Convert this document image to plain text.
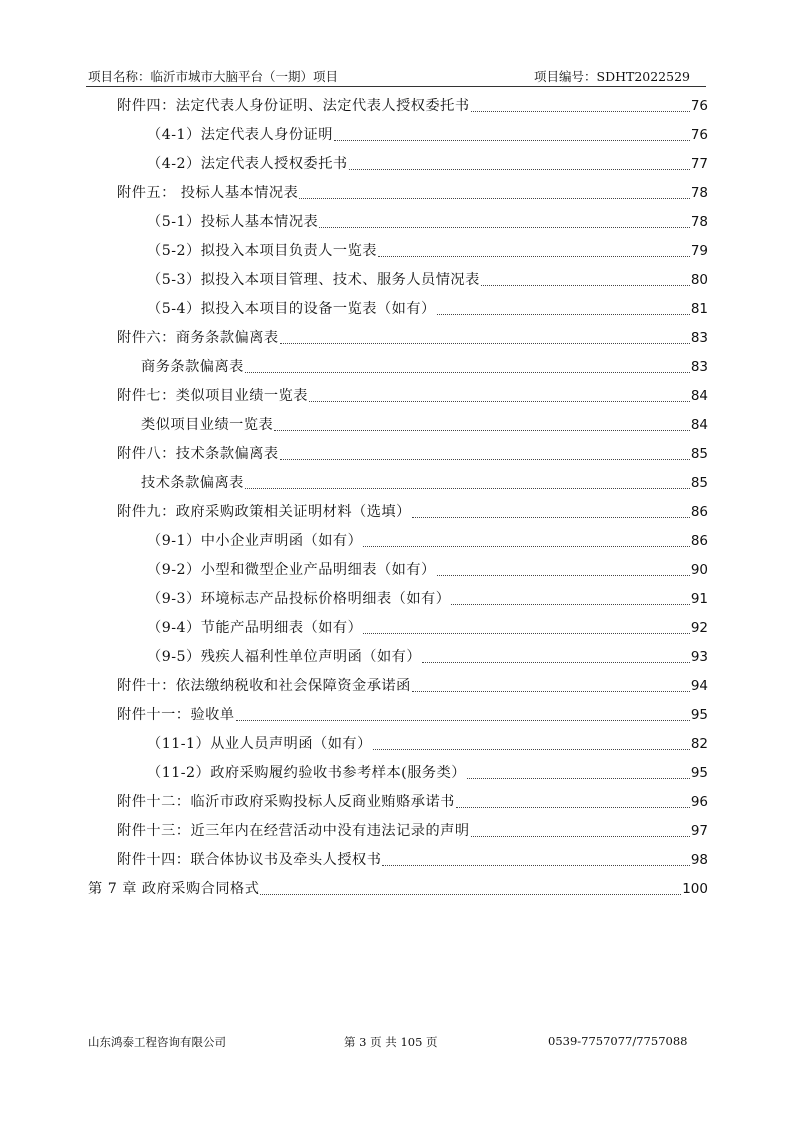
项目名称：临沂市城市大脑平台（一期）项目	项目编号：SDHT2022529
附件四：法定代表人身份证明、法定代表人授权委托书	76
（4-1）法定代表人身份证明	76
（4-2）法定代表人授权委托书	77
附件五： 投标人基本情况表	78
（5-1）投标人基本情况表	78
（5-2）拟投入本项目负责人一览表	79
（5-3）拟投入本项目管理、技术、服务人员情况表	80
（5-4）拟投入本项目的设备一览表（如有）	81
附件六：商务条款偏离表	83
商务条款偏离表	83
附件七：类似项目业绩一览表	84
类似项目业绩一览表	84
附件八：技术条款偏离表	85
技术条款偏离表	85
附件九：政府采购政策相关证明材料（选填）	86
（9-1）中小企业声明函（如有）	86
（9-2）小型和微型企业产品明细表（如有）	90
（9-3）环境标志产品投标价格明细表（如有）	91
（9-4）节能产品明细表（如有）	92
（9-5）残疾人福利性单位声明函（如有）	93
附件十：依法缴纳税收和社会保障资金承诺函	94
附件十一：验收单	95
（11-1）从业人员声明函（如有）	82
（11-2）政府采购履约验收书参考样本(服务类）	95
附件十二：临沂市政府采购投标人反商业贿赂承诺书	96
附件十三：近三年内在经营活动中没有违法记录的声明	97
附件十四：联合体协议书及牵头人授权书	98
第 7 章 政府采购合同格式	100
山东鸿泰工程咨询有限公司	第 3 页 共 105 页	0539-7757077/7757088
